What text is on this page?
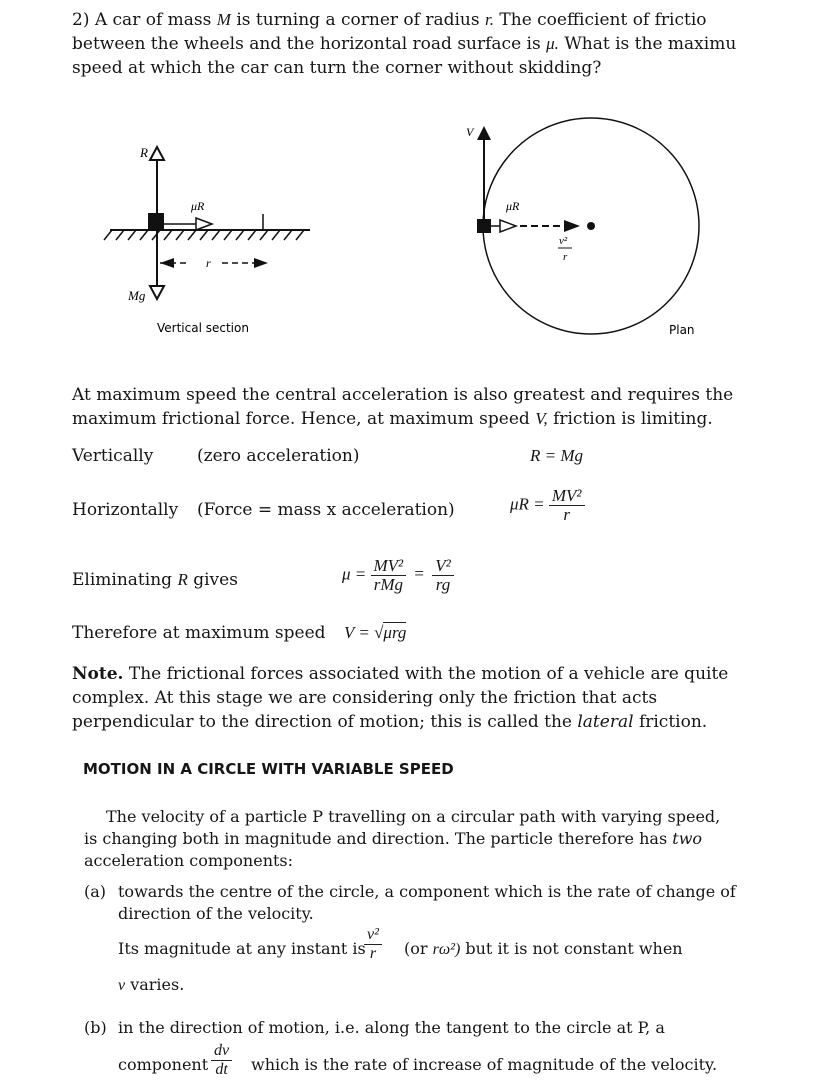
2) A car of mass M is turning a corner of radius r. The coefficient of frictio
between the wheels and the horizontal road surface is μ. What is the maximu
speed at which the car can turn the corner without skidding?
R
Mg
μR
r
V
μR
v²
r
Vertical section	Plan
At maximum speed the central acceleration is also greatest and requires the
maximum frictional force. Hence, at maximum speed V, friction is limiting.
Vertically	(zero acceleration)	R = Mg
Horizontally (Force = mass x acceleration)	$\mu R = \frac{\text{MV²}}{r}$
Eliminating R gives	$\mu = \frac{\text{MV²}}{\text{rMg}} = \frac{\text{V²}}{rg}$
Therefore at maximum speed V = √μrg
Note. The frictional forces associated with the motion of a vehicle are quite
complex. At this stage we are considering only the friction that acts
perpendicular to the direction of motion; this is called the lateral friction.
MOTION IN A CIRCLE WITH VARIABLE SPEED
The velocity of a particle P travelling on a circular path with varying speed,
is changing both in magnitude and direction. The particle therefore has two
acceleration components:
(a) towards the centre of the circle, a component which is the rate of change of
direction of the velocity.
Its magnitude at any instant is
$\frac{\text{v²}}{r} (or$ rω²) but it is not constant when
v varies.
(b) in the direction of motion, i.e. along the tangent to the circle at P, a
component $\frac{dv}{dt}$ which is the rate of increase of magnitude of the velocity.
